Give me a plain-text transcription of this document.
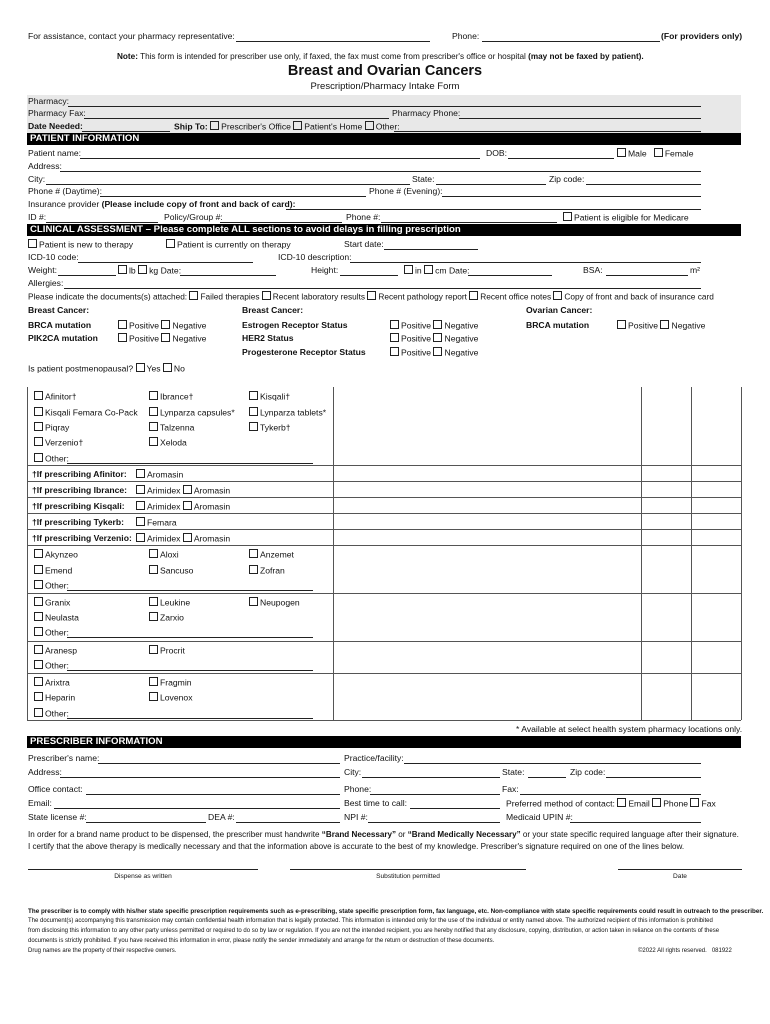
For assistance, contact your pharmacy representative:	Phone:	(For providers only)
Note: This form is intended for prescriber use only, if faxed, the fax must come from prescriber's office or hospital (may not be faxed by patient).
Breast and Ovarian Cancers
Prescription/Pharmacy Intake Form
Pharmacy:
Pharmacy Fax:	Pharmacy Phone:
Date Needed:	Ship To: Prescriber's Office Patient's Home Other:
PATIENT INFORMATION
Patient name:	DOB:	Male Female
Address:
City:	State:	Zip code:
Phone # (Daytime):	Phone # (Evening):
Insurance provider (Please include copy of front and back of card):
ID #:	Policy/Group #:	Phone #:	Patient is eligible for Medicare
CLINICAL ASSESSMENT – Please complete ALL sections to avoid delays in filling prescription
Patient is new to therapy	Patient is currently on therapy	Start date:
ICD-10 code:	ICD-10 description:
Weight:	lb kg Date:	Height:	in cm Date:	BSA:	m²
Allergies:
Please indicate the documents(s) attached: Failed therapies Recent laboratory results Recent pathology report Recent office notes Copy of front and back of insurance card
Breast Cancer:
BRCA mutation	Positive Negative
PIK2CA mutation	Positive Negative
Breast Cancer:
Estrogen Receptor Status	Positive Negative
HER2 Status	Positive Negative
Progesterone Receptor Status	Positive Negative
Ovarian Cancer:
BRCA mutation	Positive Negative
Is patient postmenopausal? Yes No
Medication	Dose/Directions/Frequency	Qty	Refills
Afinitor†	Ibrance†	Kisqali†
Kisqali Femara Co-Pack	Lynparza capsules*	Lynparza tablets*
Piqray	Talzenna	Tykerb†
Verzenio†	Xeloda
Other:
†If prescribing Afinitor:	Aromasin
†If prescribing Ibrance:	Arimidex Aromasin
†If prescribing Kisqali:	Arimidex Aromasin
†If prescribing Tykerb:	Femara
†If prescribing Verzenio:	Arimidex Aromasin
Akynzeo	Aloxi	Anzemet
Emend	Sancuso	Zofran
Other:
Granix	Leukine	Neupogen
Neulasta	Zarxio
Other:
Aranesp	Procrit
Other:
Arixtra	Fragmin
Heparin	Lovenox
Other:
* Available at select health system pharmacy locations only.
PRESCRIBER INFORMATION
Prescriber's name:	Practice/facility:
Address:	City:	State:	Zip code:
Office contact:	Phone:	Fax:
Email:	Best time to call:	Preferred method of contact: Email Phone Fax
State license #:	DEA #:	NPI #:	Medicaid UPIN #:
In order for a brand name product to be dispensed, the prescriber must handwrite “Brand Necessary” or “Brand Medically Necessary” or your state specific required language after their signature.
I certify that the above therapy is medically necessary and that the information above is accurate to the best of my knowledge. Prescriber's signature required on one of the lines below.
Dispense as written	Substitution permitted	Date
The prescriber is to comply with his/her state specific prescription requirements such as e-prescribing, state specific prescription form, fax language, etc. Non-compliance with state specific requirements could result in outreach to the prescriber.
The document(s) accompanying this transmission may contain confidential health information that is legally protected. This information is intended only for the use of the individual or entity named above. The authorized recipient of this information is prohibited
from disclosing this information to any other party unless permitted or required to do so by law or regulation. If you are not the intended recipient, you are hereby notified that any disclosure, copying, distribution, or action taken in reliance on the contents of these
documents is strictly prohibited. If you have received this information in error, please notify the sender immediately and arrange for the return or destruction of these documents.
Drug names are the property of their respective owners.	©2022 All rights reserved. 081922
